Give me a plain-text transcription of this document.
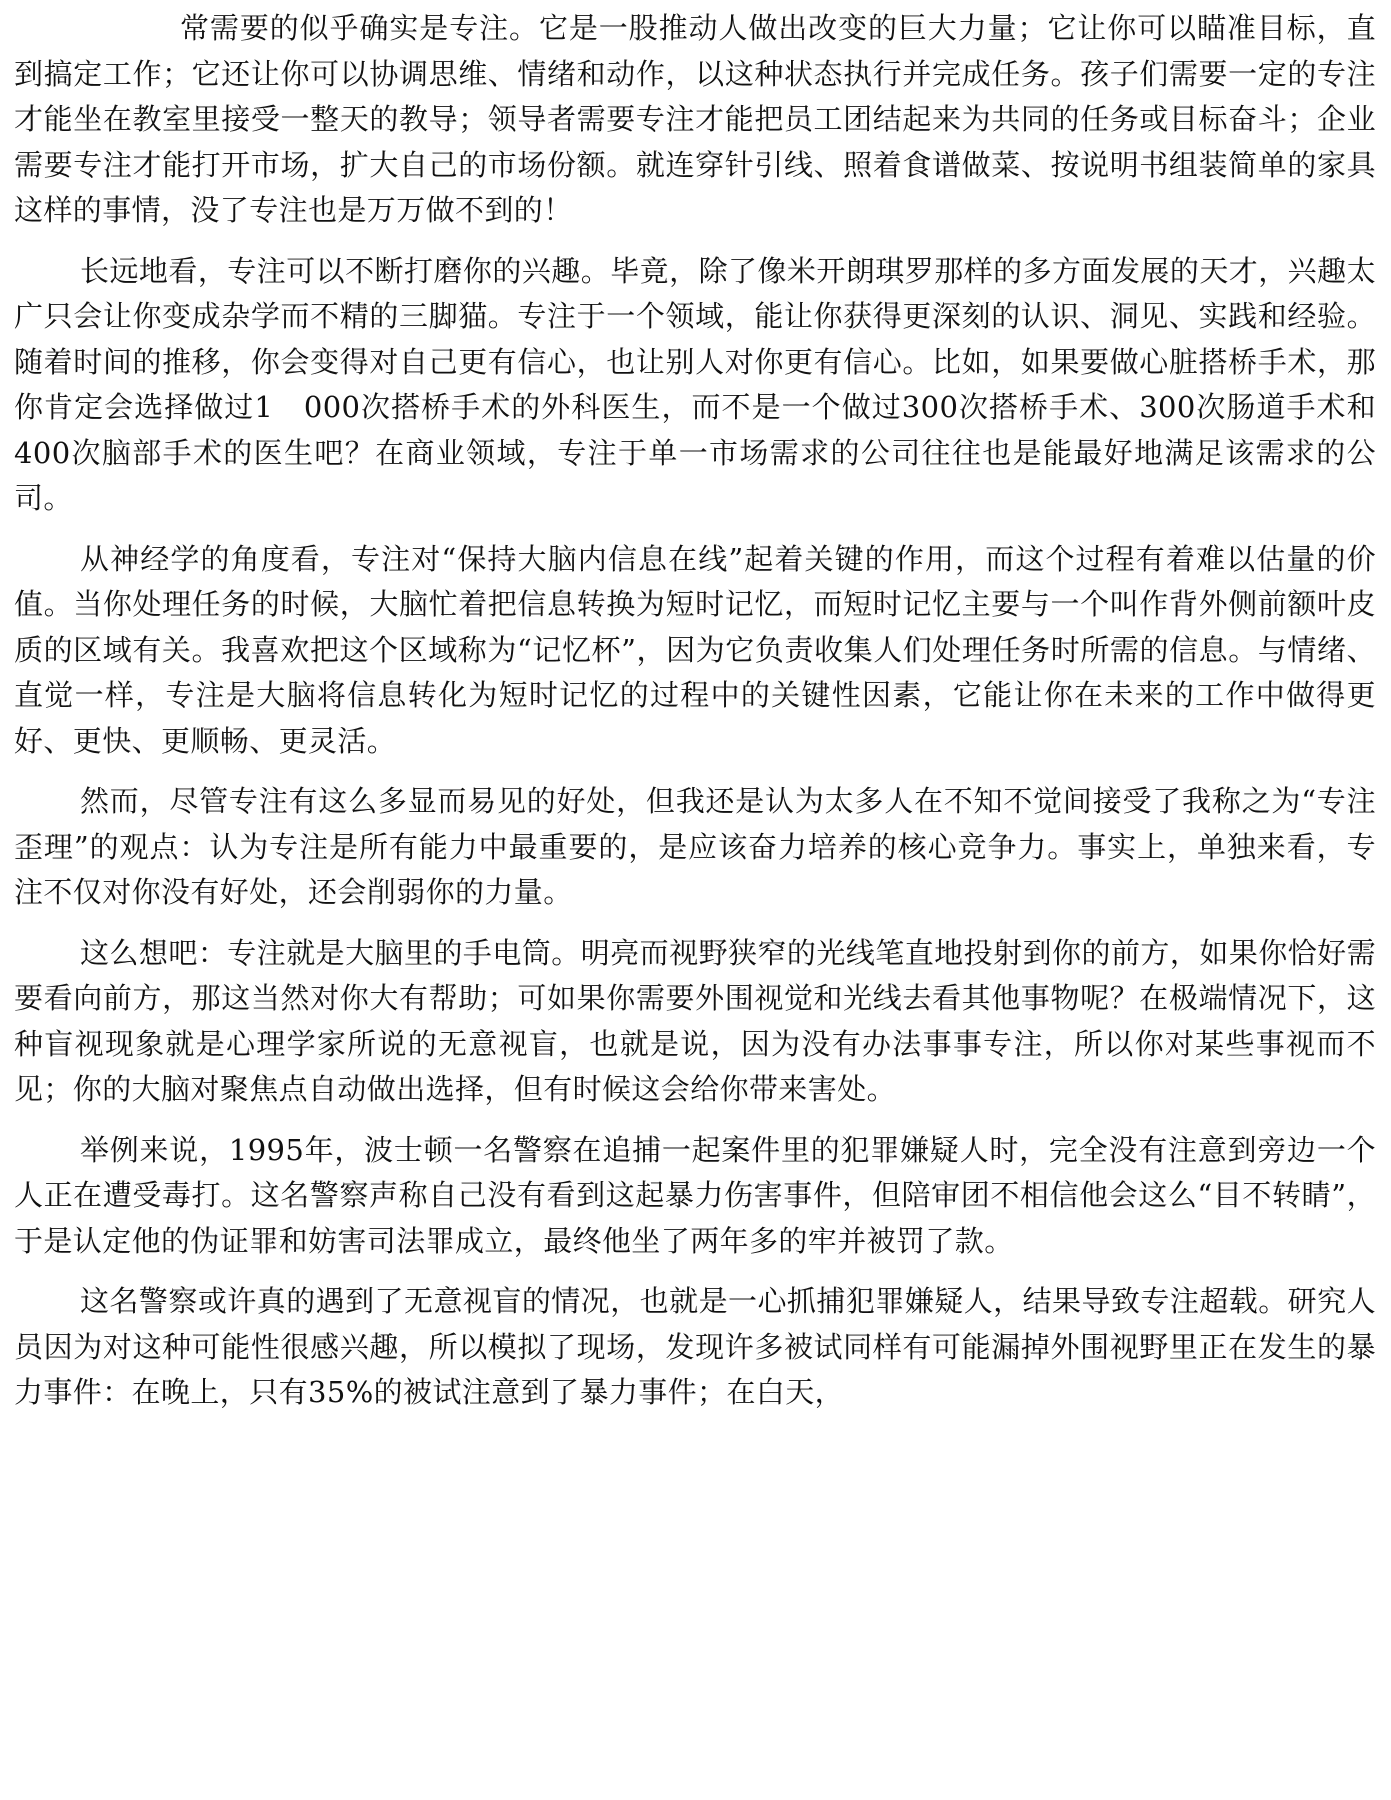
常需要的似乎确实是专注。它是一股推动人做出改变的巨大力量；它让你可以瞄准目标，直到搞定工作；它还让你可以协调思维、情绪和动作，以这种状态执行并完成任务。孩子们需要一定的专注才能坐在教室里接受一整天的教导；领导者需要专注才能把员工团结起来为共同的任务或目标奋斗；企业需要专注才能打开市场，扩大自己的市场份额。就连穿针引线、照着食谱做菜、按说明书组装简单的家具这样的事情，没了专注也是万万做不到的！

长远地看，专注可以不断打磨你的兴趣。毕竟，除了像米开朗琪罗那样的多方面发展的天才，兴趣太广只会让你变成杂学而不精的三脚猫。专注于一个领域，能让你获得更深刻的认识、洞见、实践和经验。随着时间的推移，你会变得对自己更有信心，也让别人对你更有信心。比如，如果要做心脏搭桥手术，那你肯定会选择做过1　000次搭桥手术的外科医生，而不是一个做过300次搭桥手术、300次肠道手术和400次脑部手术的医生吧？在商业领域，专注于单一市场需求的公司往往也是能最好地满足该需求的公司。

从神经学的角度看，专注对“保持大脑内信息在线”起着关键的作用，而这个过程有着难以估量的价值。当你处理任务的时候，大脑忙着把信息转换为短时记忆，而短时记忆主要与一个叫作背外侧前额叶皮质的区域有关。我喜欢把这个区域称为“记忆杯”，因为它负责收集人们处理任务时所需的信息。与情绪、直觉一样，专注是大脑将信息转化为短时记忆的过程中的关键性因素，它能让你在未来的工作中做得更好、更快、更顺畅、更灵活。

然而，尽管专注有这么多显而易见的好处，但我还是认为太多人在不知不觉间接受了我称之为“专注歪理”的观点：认为专注是所有能力中最重要的，是应该奋力培养的核心竞争力。事实上，单独来看，专注不仅对你没有好处，还会削弱你的力量。

这么想吧：专注就是大脑里的手电筒。明亮而视野狭窄的光线笔直地投射到你的前方，如果你恰好需要看向前方，那这当然对你大有帮助；可如果你需要外围视觉和光线去看其他事物呢？在极端情况下，这种盲视现象就是心理学家所说的无意视盲，也就是说，因为没有办法事事专注，所以你对某些事视而不见；你的大脑对聚焦点自动做出选择，但有时候这会给你带来害处。

举例来说，1995年，波士顿一名警察在追捕一起案件里的犯罪嫌疑人时，完全没有注意到旁边一个人正在遭受毒打。这名警察声称自己没有看到这起暴力伤害事件，但陪审团不相信他会这么“目不转睛”，于是认定他的伪证罪和妨害司法罪成立，最终他坐了两年多的牢并被罚了款。

这名警察或许真的遇到了无意视盲的情况，也就是一心抓捕犯罪嫌疑人，结果导致专注超载。研究人员因为对这种可能性很感兴趣，所以模拟了现场，发现许多被试同样有可能漏掉外围视野里正在发生的暴力事件：在晚上，只有35%的被试注意到了暴力事件；在白天，
